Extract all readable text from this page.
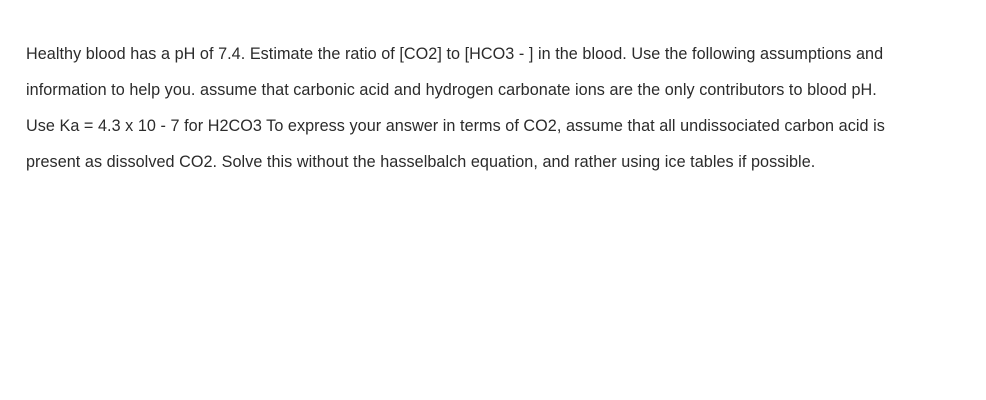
Healthy blood has a pH of 7.4. Estimate the ratio of [CO2] to [HCO3 - ] in the blood. Use the following assumptions and
information to help you. assume that carbonic acid and hydrogen carbonate ions are the only contributors to blood pH.
Use Ka = 4.3 x 10 - 7 for H2CO3 To express your answer in terms of CO2, assume that all undissociated carbon acid is
present as dissolved CO2. Solve this without the hasselbalch equation, and rather using ice tables if possible.
